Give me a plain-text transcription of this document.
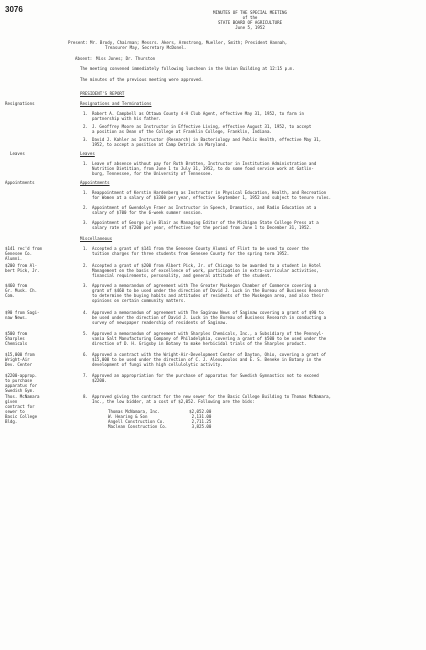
3076	MINUTES OF THE SPECIAL MEETING
of the
STATE BOARD OF AGRICULTURE
June 5, 1952
Present: Mr. Brody, Chairman; Messrs. Akers, Armstrong, Mueller, Smith; President Hannah,
Treasurer May, Secretary McDonel.
Absent: Miss Jones; Dr. Thurston
The meeting convened immediately following luncheon in the Union Building at 12:15 p.m.
The minutes of the previous meeting were approved.
PRESIDENT'S REPORT
Resignations	Resignations and Terminations
1. Robert A. Campbell as Ottawa County 4-H Club Agent, effective May 31, 1952, to farm in
partnership with his father.
2. J. Geoffrey Moore as Instructor in Effective Living, effective August 31, 1952, to accept
a position as Dean of the College at Franklin College, Franklin, Indiana.
3. David J. Kahler as Instructor (Research) in Bacteriology and Public Health, effective May 31,
1952, to accept a position at Camp Detrick in Maryland.
Leaves	Leaves
1. Leave of absence without pay for Ruth Brotten, Instructor in Institution Administration and
Nutrition Dietitian, from June 1 to July 31, 1952, to do some food service work at Gatlin-
burg, Tennessee, for the University of Tennessee.
Appointments	Appointments
1. Reappointment of Kerstin Hardenberg as Instructor in Physical Education, Health, and Recreation
for Women at a salary of $3300 per year, effective September 1, 1952 and subject to tenure rules.
2. Appointment of Gwendolyn Fraer as Instructor in Speech, Dramatics, and Radio Education at a
salary of $700 for the 6-week summer session.
3. Appointment of George Lyle Blair as Managing Editor of the Michigan State College Press at a
salary rate of $7200 per year, effective for the period from June 1 to December 31, 1952.
Miscellaneous
$141 rec'd from
Genesee Co.
Alumni.
1. Accepted a grant of $141 from the Genesee County Alumni of Flint to be used to cover the
tuition charges for three students from Genesee County for the spring term 1952.
$200 from Al-
bert Pick, Jr.
2. Accepted a grant of $200 from Albert Pick, Jr. of Chicago to be awarded to a student in Hotel
Management on the basis of excellence of work, participation in extra-curricular activities,
financial requirements, personality, and general attitude of the student.
$460 from
Gr. Musk. Ch.
Com.
3. Approved a memorandum of agreement with The Greater Muskegon Chamber of Commerce covering a
grant of $460 to be used under the direction of David J. Luck in the Bureau of Business Research
to determine the buying habits and attitudes of residents of the Muskegon area, and also their
opinions on certain community matters.
$90 from Sagi-
naw News.
4. Approved a memorandum of agreement with The Saginaw News of Saginaw covering a grant of $90 to
be used under the direction of David J. Luck in the Bureau of Business Research in conducting a
survey of newspaper readership of residents of Saginaw.
$500 from
Sharples
Chemicals
5. Approved a memorandum of agreement with Sharples Chemicals, Inc., a Subsidiary of the Pennsyl-
vania Salt Manufacturing Company of Philadelphia, covering a grant of $500 to be used under the
direction of D. H. Grigsby in Botany to make herbicidal trials of the Sharples product.
$15,000 from
Wright-Air
Dev. Center
6. Approved a contract with the Wright-Air-Development Center of Dayton, Ohio, covering a grant of
$15,000 to be used under the direction of C. J. Alexopoulos and E. S. Beneke in Botany in the
development of fungi with high cellulolytic activity.
$2200-approp.
to purchase
apparatus for
Swedish Gym.
7. Approved an appropriation for the purchase of apparatus for Swedish Gymnastics not to exceed
$2200.
Thos. McNamara
given
contract for
sewer to
Basic College
Bldg.
8. Approved giving the contract for the new sewer for the Basic College Building to Thomas McNamara,
Inc., the low bidder, at a cost of $2,052. Following are the bids:
Thomas McNamara, Inc.	$2,052.00
W. Hearing & Son	2,131.00
Angell Construction Co.	2,711.25
Maclean Construction Co.	3,825.00
